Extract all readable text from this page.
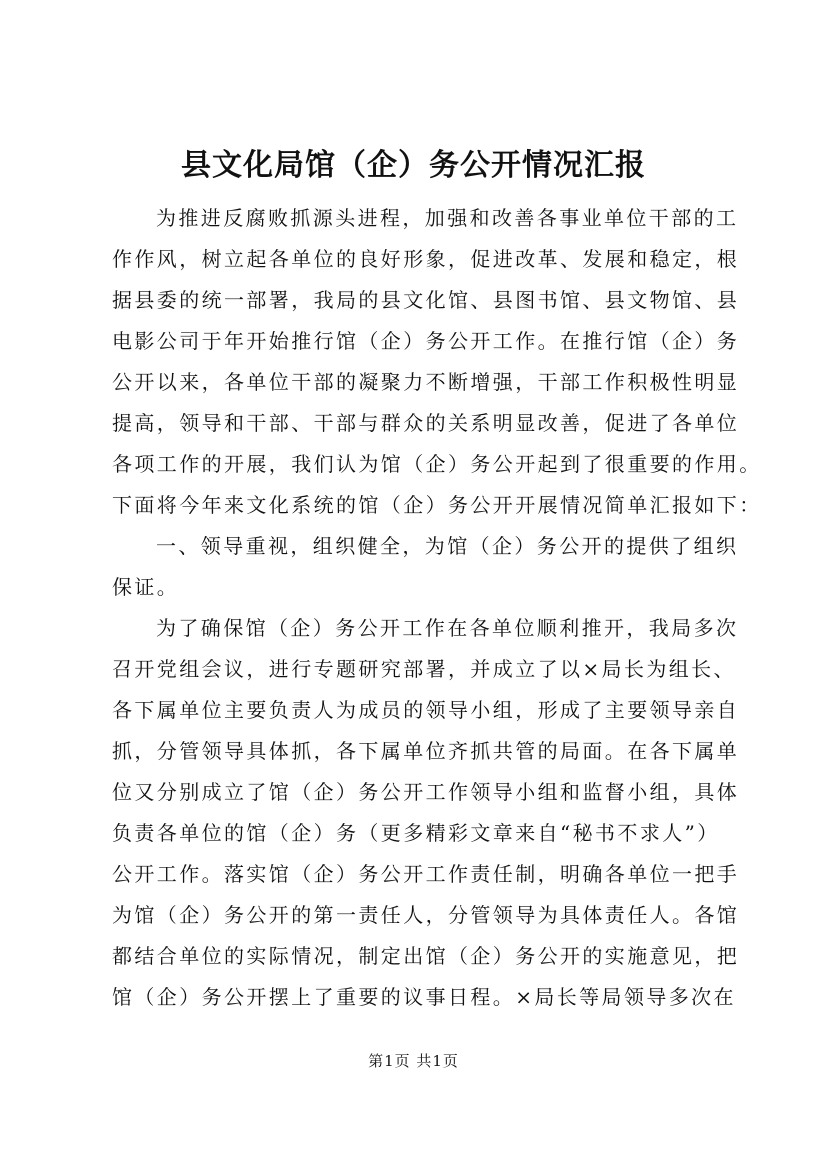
县文化局馆（企）务公开情况汇报
为推进反腐败抓源头进程，加强和改善各事业单位干部的工
作作风，树立起各单位的良好形象，促进改革、发展和稳定，根
据县委的统一部署，我局的县文化馆、县图书馆、县文物馆、县
电影公司于年开始推行馆（企）务公开工作。在推行馆（企）务
公开以来，各单位干部的凝聚力不断增强，干部工作积极性明显
提高，领导和干部、干部与群众的关系明显改善，促进了各单位
各项工作的开展，我们认为馆（企）务公开起到了很重要的作用。
下面将今年来文化系统的馆（企）务公开开展情况简单汇报如下：
一、领导重视，组织健全，为馆（企）务公开的提供了组织
保证。
为了确保馆（企）务公开工作在各单位顺利推开，我局多次
召开党组会议，进行专题研究部署，并成立了以×局长为组长、
各下属单位主要负责人为成员的领导小组，形成了主要领导亲自
抓，分管领导具体抓，各下属单位齐抓共管的局面。在各下属单
位又分别成立了馆（企）务公开工作领导小组和监督小组，具体
负责各单位的馆（企）务（更多精彩文章来自“秘书不求人”）
公开工作。落实馆（企）务公开工作责任制，明确各单位一把手
为馆（企）务公开的第一责任人，分管领导为具体责任人。各馆
都结合单位的实际情况，制定出馆（企）务公开的实施意见，把
馆（企）务公开摆上了重要的议事日程。×局长等局领导多次在
第1页 共1页
